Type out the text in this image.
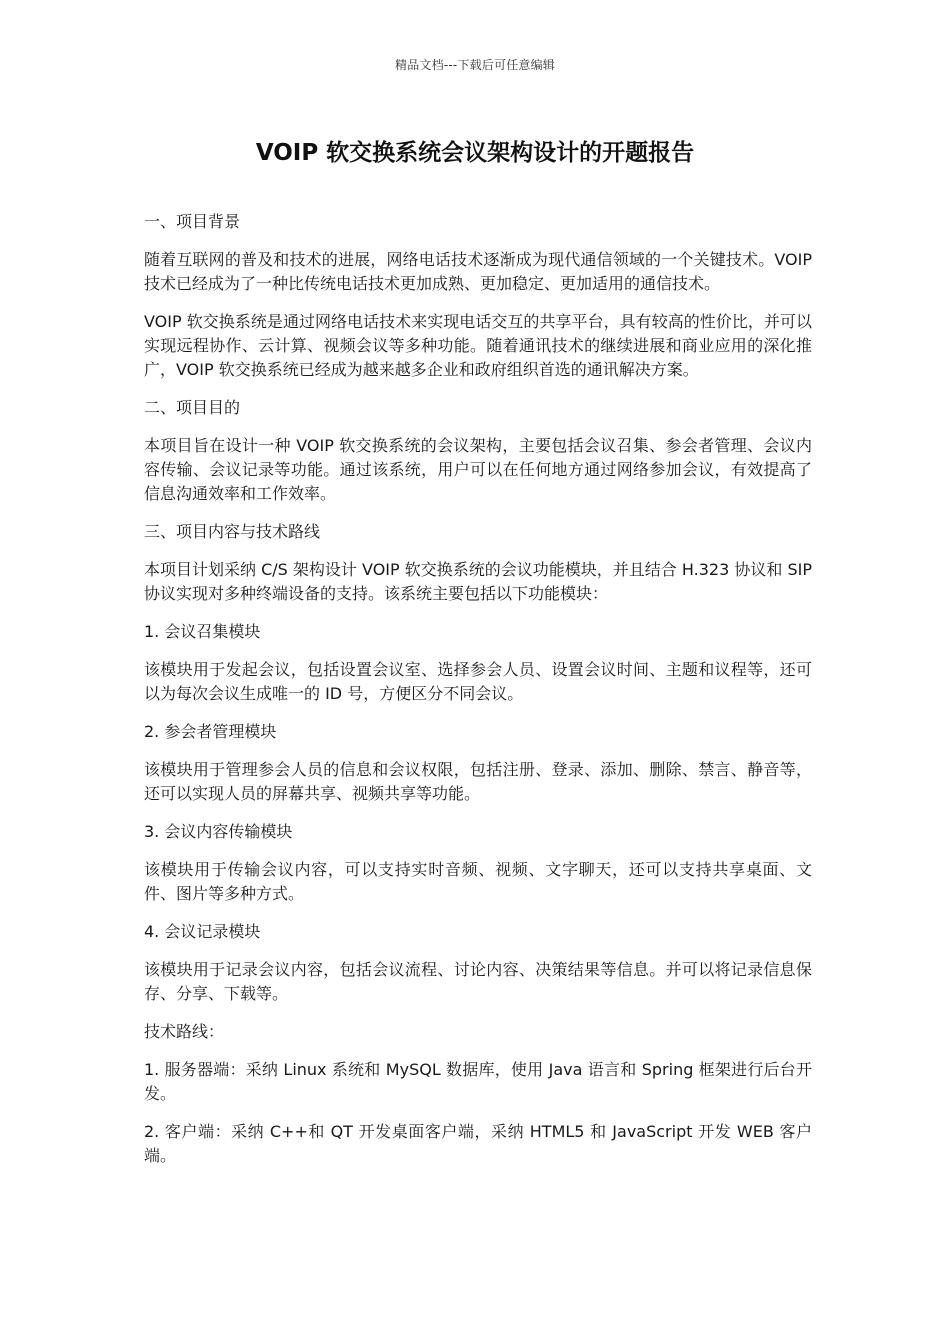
精品文档---下载后可任意编辑
VOIP 软交换系统会议架构设计的开题报告

一、项目背景

随着互联网的普及和技术的进展，网络电话技术逐渐成为现代通信领域的一个关键技术。VOIP 技术已经成为了一种比传统电话技术更加成熟、更加稳定、更加适用的通信技术。

VOIP 软交换系统是通过网络电话技术来实现电话交互的共享平台，具有较高的性价比，并可以实现远程协作、云计算、视频会议等多种功能。随着通讯技术的继续进展和商业应用的深化推广，VOIP 软交换系统已经成为越来越多企业和政府组织首选的通讯解决方案。

二、项目目的

本项目旨在设计一种 VOIP 软交换系统的会议架构，主要包括会议召集、参会者管理、会议内容传输、会议记录等功能。通过该系统，用户可以在任何地方通过网络参加会议，有效提高了信息沟通效率和工作效率。

三、项目内容与技术路线

本项目计划采纳 C/S 架构设计 VOIP 软交换系统的会议功能模块，并且结合 H.323 协议和 SIP 协议实现对多种终端设备的支持。该系统主要包括以下功能模块：

1. 会议召集模块

该模块用于发起会议，包括设置会议室、选择参会人员、设置会议时间、主题和议程等，还可以为每次会议生成唯一的 ID 号，方便区分不同会议。

2. 参会者管理模块

该模块用于管理参会人员的信息和会议权限，包括注册、登录、添加、删除、禁言、静音等，还可以实现人员的屏幕共享、视频共享等功能。

3. 会议内容传输模块

该模块用于传输会议内容，可以支持实时音频、视频、文字聊天，还可以支持共享桌面、文件、图片等多种方式。

4. 会议记录模块

该模块用于记录会议内容，包括会议流程、讨论内容、决策结果等信息。并可以将记录信息保存、分享、下载等。

技术路线：

1. 服务器端：采纳 Linux 系统和 MySQL 数据库，使用 Java 语言和 Spring 框架进行后台开发。

2. 客户端：采纳 C++和 QT 开发桌面客户端，采纳 HTML5 和 JavaScript 开发 WEB 客户端。
